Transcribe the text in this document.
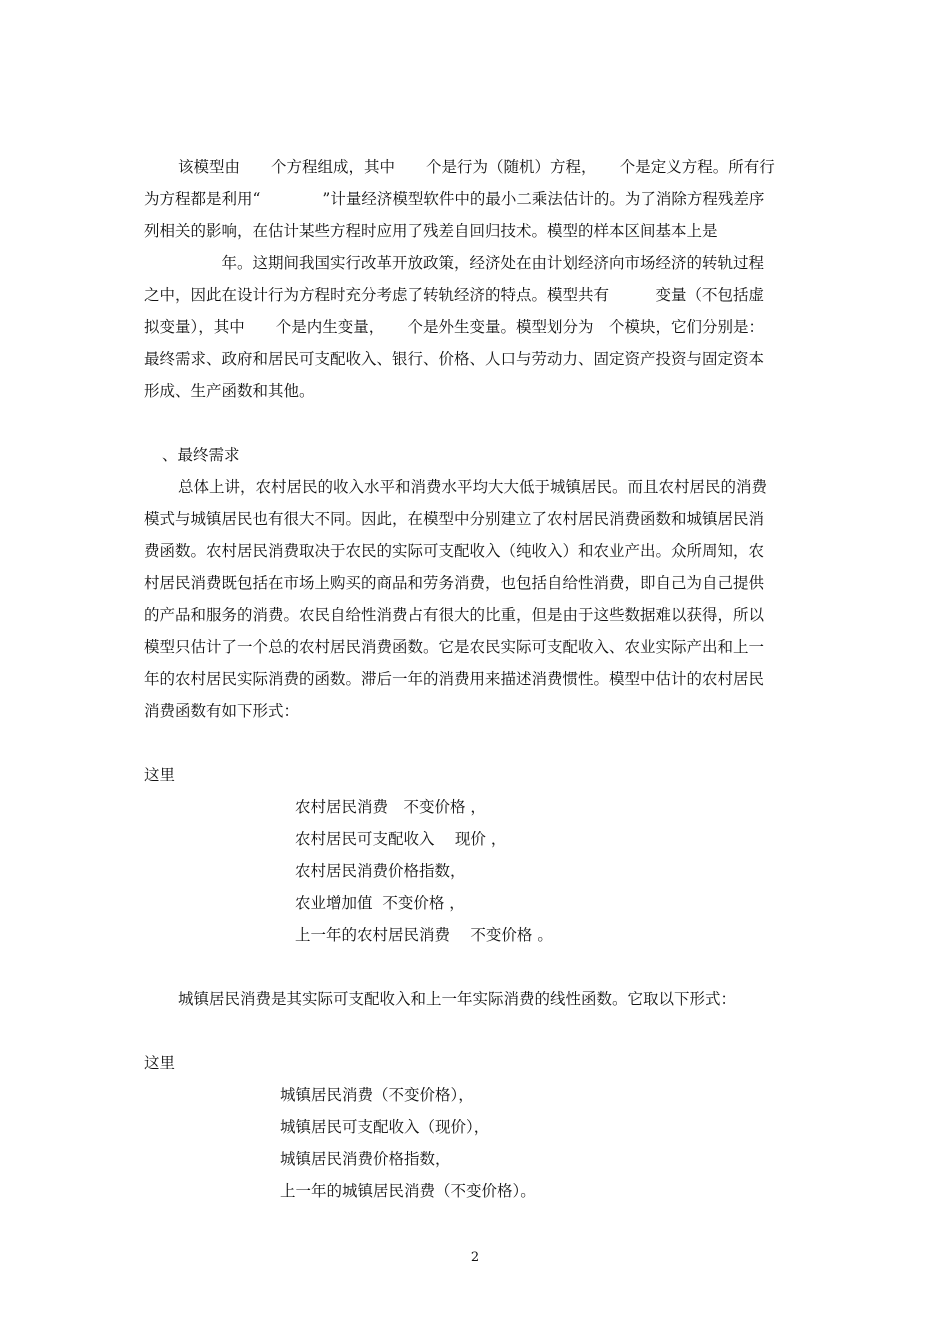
该模型由　　个方程组成，其中　　个是行为（随机）方程，　　个是定义方程。所有行
为方程都是利用“　　　　”计量经济模型软件中的最小二乘法估计的。为了消除方程残差序
列相关的影响，在估计某些方程时应用了残差自回归技术。模型的样本区间基本上是
　　　　　年。这期间我国实行改革开放政策，经济处在由计划经济向市场经济的转轨过程
之中，因此在设计行为方程时充分考虑了转轨经济的特点。模型共有　　　变量（不包括虚
拟变量），其中　　个是内生变量，　　个是外生变量。模型划分为　个模块，它们分别是：
最终需求、政府和居民可支配收入、银行、价格、人口与劳动力、固定资产投资与固定资本
形成、生产函数和其他。
、最终需求
总体上讲，农村居民的收入水平和消费水平均大大低于城镇居民。而且农村居民的消费
模式与城镇居民也有很大不同。因此，在模型中分别建立了农村居民消费函数和城镇居民消
费函数。农村居民消费取决于农民的实际可支配收入（纯收入）和农业产出。众所周知，农
村居民消费既包括在市场上购买的商品和劳务消费，也包括自给性消费，即自己为自己提供
的产品和服务的消费。农民自给性消费占有很大的比重，但是由于这些数据难以获得，所以
模型只估计了一个总的农村居民消费函数。它是农民实际可支配收入、农业实际产出和上一
年的农村居民实际消费的函数。滞后一年的消费用来描述消费惯性。模型中估计的农村居民
消费函数有如下形式：
这里
农村居民消费　不变价格 ，
农村居民可支配收入　 现价 ，
农村居民消费价格指数，
农业增加值  不变价格 ，
上一年的农村居民消费　 不变价格 。
城镇居民消费是其实际可支配收入和上一年实际消费的线性函数。它取以下形式：
这里
城镇居民消费（不变价格），
城镇居民可支配收入（现价），
城镇居民消费价格指数，
上一年的城镇居民消费（不变价格）。
2
